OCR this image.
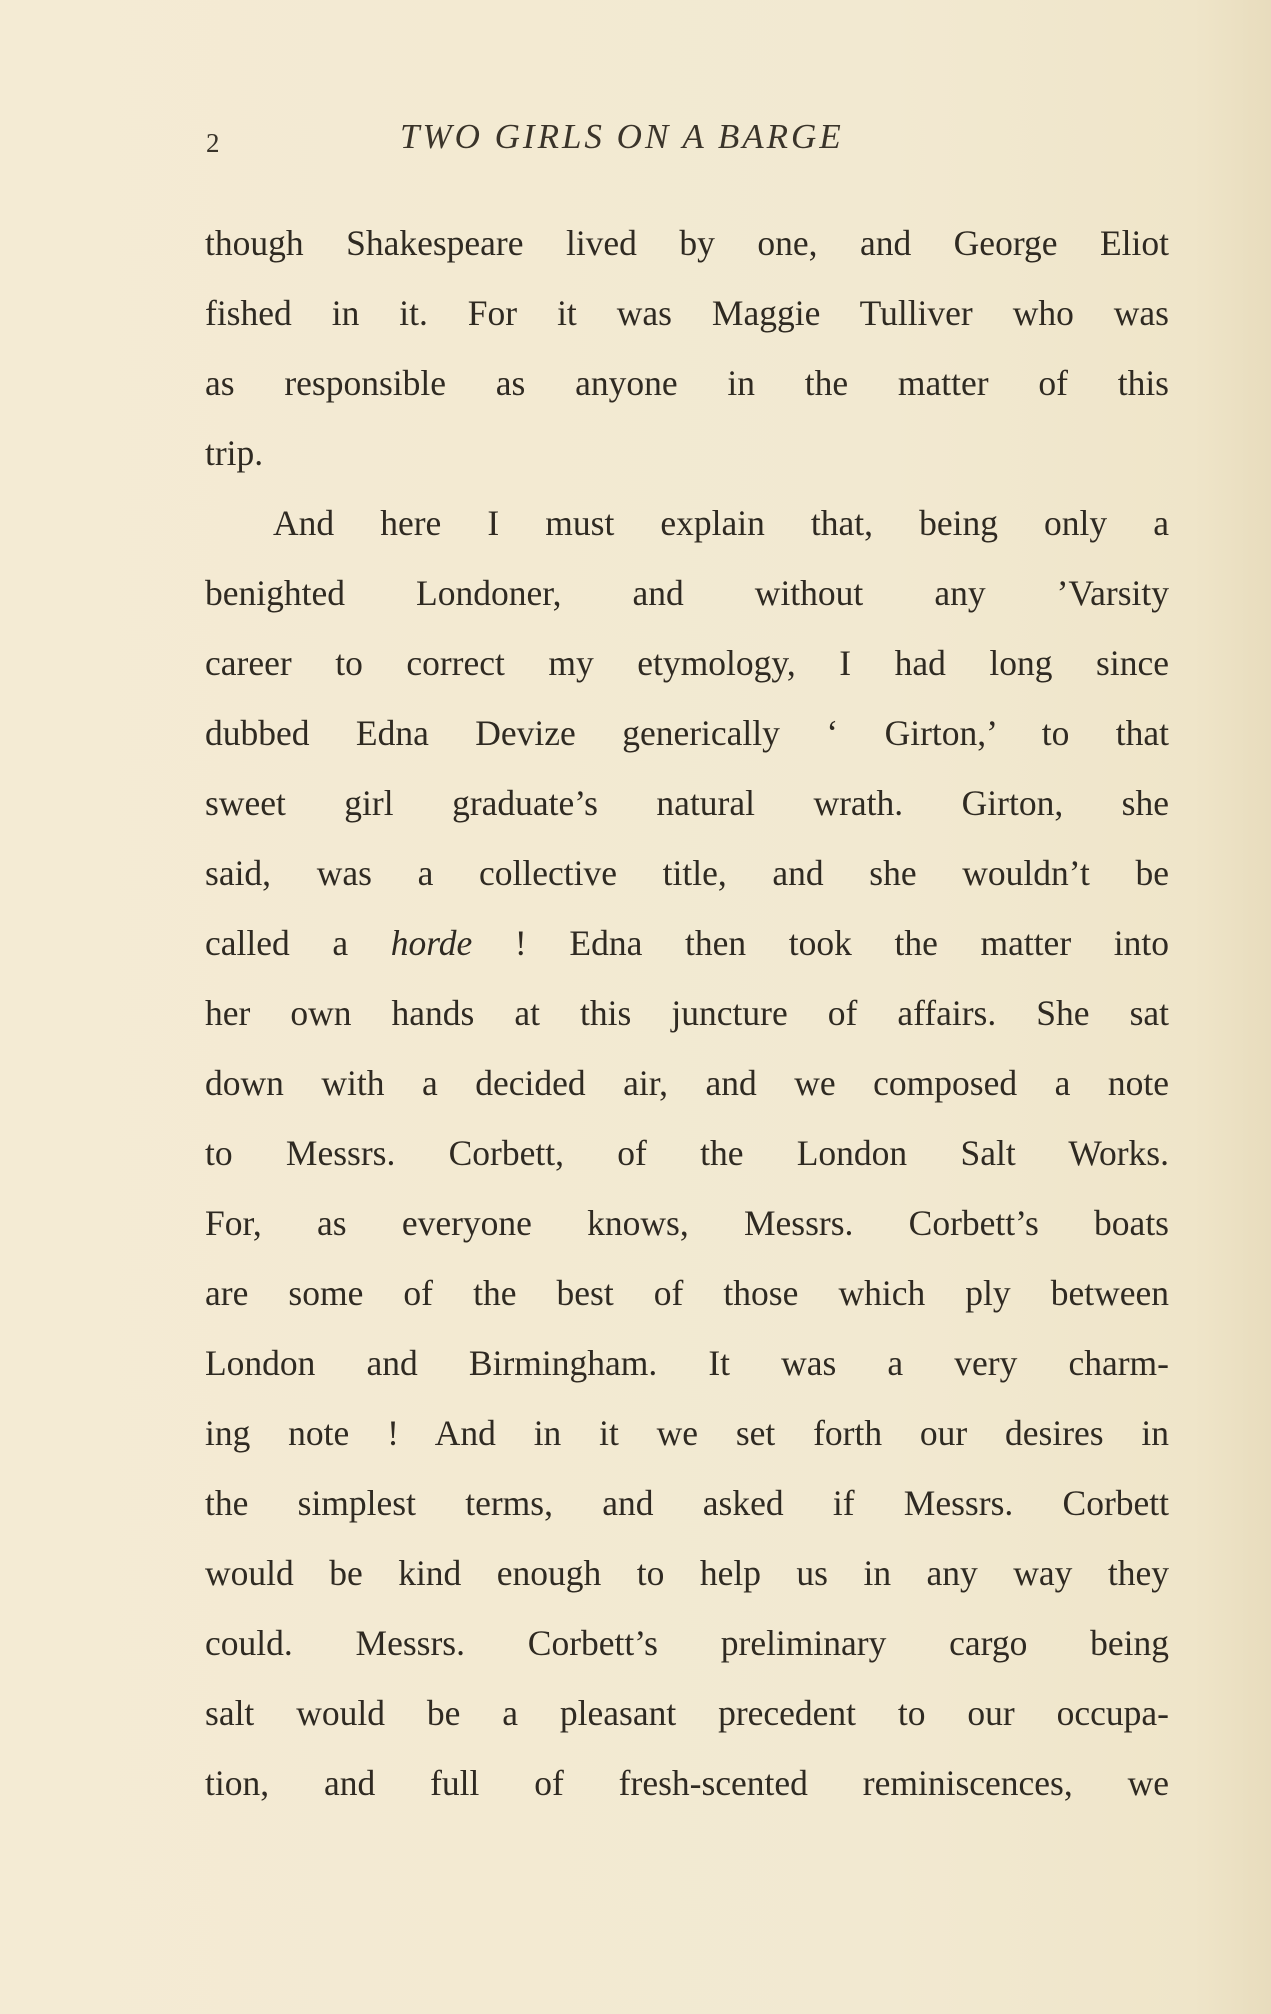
2	TWO GIRLS ON A BARGE
though Shakespeare lived by one, and George Eliot
fished in it. For it was Maggie Tulliver who was
as responsible as anyone in the matter of this
trip.
And here I must explain that, being only a
benighted Londoner, and without any ’Varsity
career to correct my etymology, I had long since
dubbed Edna Devize generically ‘ Girton,’ to that
sweet girl graduate’s natural wrath. Girton, she
said, was a collective title, and she wouldn’t be
called a horde ! Edna then took the matter into
her own hands at this juncture of affairs. She sat
down with a decided air, and we composed a note
to Messrs. Corbett, of the London Salt Works.
For, as everyone knows, Messrs. Corbett’s boats
are some of the best of those which ply between
London and Birmingham. It was a very charm-
ing note ! And in it we set forth our desires in
the simplest terms, and asked if Messrs. Corbett
would be kind enough to help us in any way they
could. Messrs. Corbett’s preliminary cargo being
salt would be a pleasant precedent to our occupa-
tion, and full of fresh-scented reminiscences, we
